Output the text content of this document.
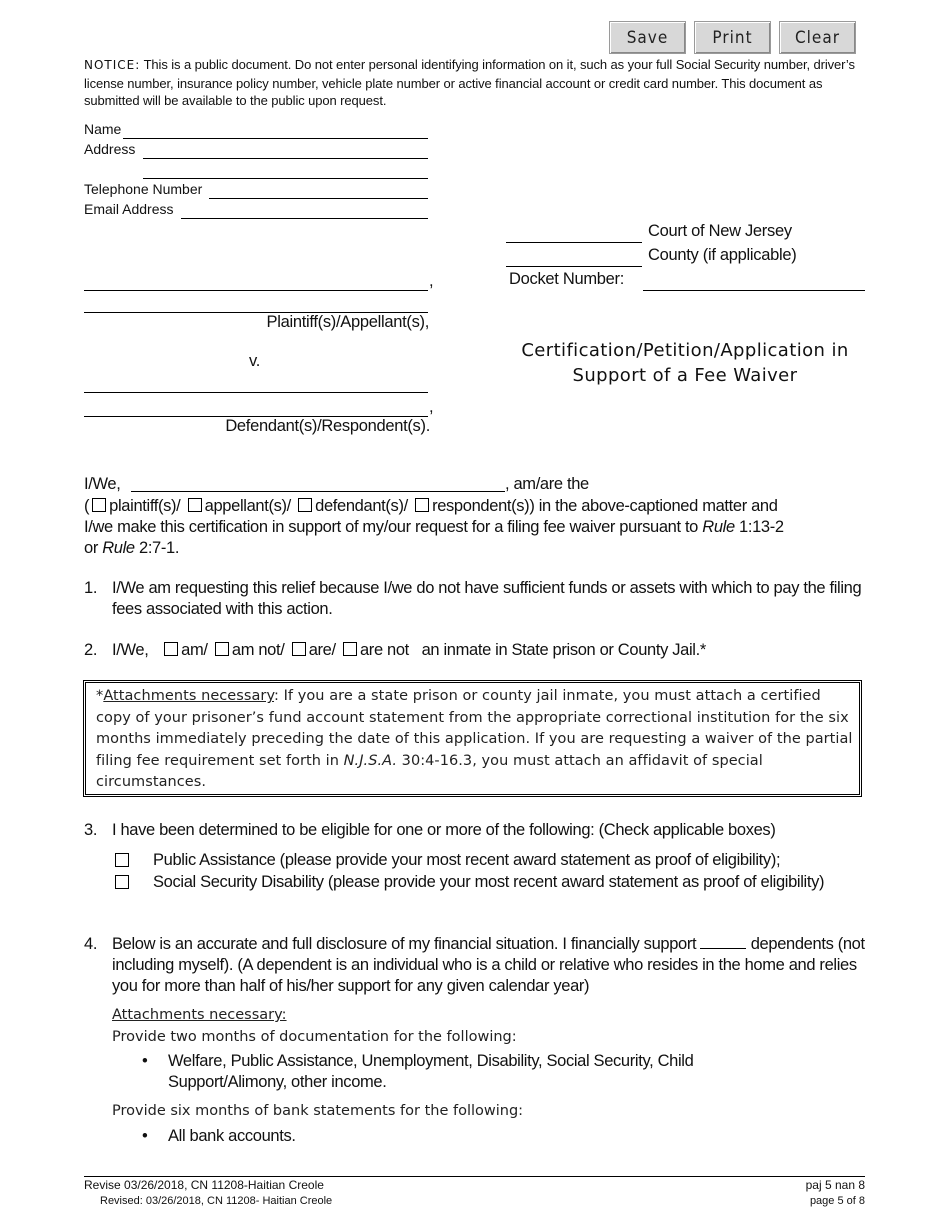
Save	Print	Clear
NOTICE: This is a public document. Do not enter personal identifying information on it, such as your full Social Security number, driver’s license number, insurance policy number, vehicle plate number or active financial account or credit card number. This document as submitted will be available to the public upon request.
Name
Address
Telephone Number
Email Address
Court of New Jersey
County (if applicable)
Docket Number:
,
Plaintiff(s)/Appellant(s),
v.
,
Defendant(s)/Respondent(s).
Certification/Petition/Application in
Support of a Fee Waiver
I/We,	, am/are the
( plaintiff(s)/ appellant(s)/ defendant(s)/ respondent(s)) in the above-captioned matter and
I/we make this certification in support of my/our request for a filing fee waiver pursuant to Rule 1:13-2
or Rule 2:7-1.
1. I/We am requesting this relief because I/we do not have sufficient funds or assets with which to pay the filing fees associated with this action.
2. I/We, am/ am not/ are/ are not an inmate in State prison or County Jail.*
*Attachments necessary: If you are a state prison or county jail inmate, you must attach a certified copy of your prisoner’s fund account statement from the appropriate correctional institution for the six months immediately preceding the date of this application. If you are requesting a waiver of the partial filing fee requirement set forth in N.J.S.A. 30:4-16.3, you must attach an affidavit of special circumstances.
3. I have been determined to be eligible for one or more of the following: (Check applicable boxes)
Public Assistance (please provide your most recent award statement as proof of eligibility);
Social Security Disability (please provide your most recent award statement as proof of eligibility)
4. Below is an accurate and full disclosure of my financial situation. I financially support	dependents (not including myself). (A dependent is an individual who is a child or relative who resides in the home and relies you for more than half of his/her support for any given calendar year)
Attachments necessary:
Provide two months of documentation for the following:
• Welfare, Public Assistance, Unemployment, Disability, Social Security, Child Support/Alimony, other income.
Provide six months of bank statements for the following:
• All bank accounts.
Revise 03/26/2018, CN 11208-Haitian Creole
Revised: 03/26/2018, CN 11208- Haitian Creole
paj 5 nan 8
page 5 of 8
